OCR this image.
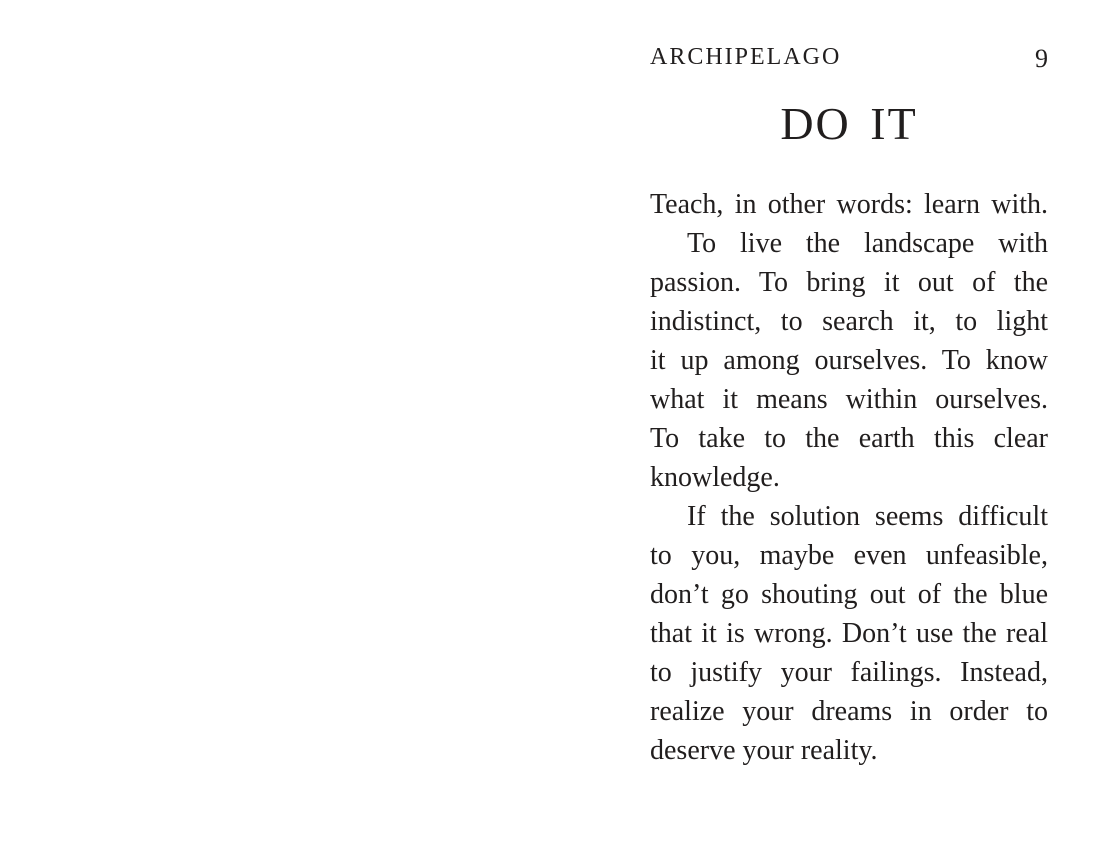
ARCHIPELAGO	9
DO IT
Teach, in other words: learn with.
To live the landscape with
passion. To bring it out of the
indistinct, to search it, to light
it up among ourselves. To know
what it means within ourselves.
To take to the earth this clear
knowledge.
If the solution seems difficult
to you, maybe even unfeasible,
don’t go shouting out of the blue
that it is wrong. Don’t use the real
to justify your failings. Instead,
realize your dreams in order to
deserve your reality.
